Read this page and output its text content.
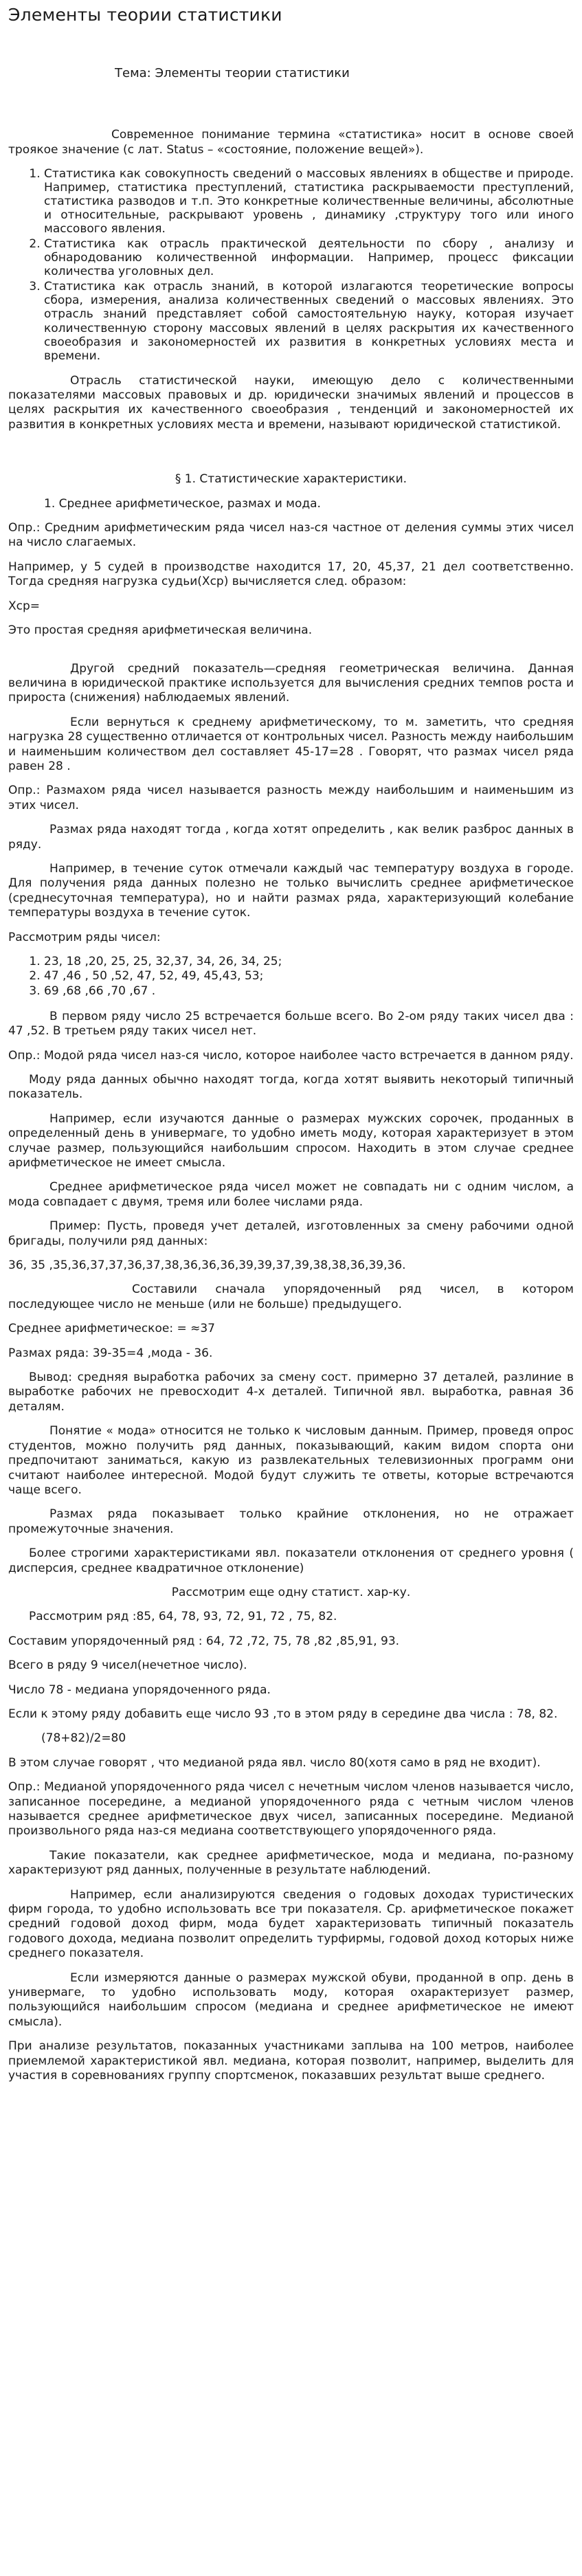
Элементы теории статистики
Тема: Элементы теории статистики

Современное понимание термина «статистика» носит в основе своей трoякое значение (с лат. Status – «состояние, положение вещей»).

1. Статистика как совокупность сведений о массовых явлениях в обществе и природе. Например, статистика преступлений, статистика раскрываемости преступлений, статистика разводов и т.п. Это конкретные количественные величины, абсолютные и относительные, раскрывают уровень , динамику ,структуру того или иного массового явления.
2. Статистика как отрасль практической деятельности по сбору , анализу и обнародованию количественной информации. Например, процесс фиксации количества уголовных дел.
3. Статистика как отрасль знаний, в которой излагаются теоретические вопросы сбора, измерения, анализа количественных сведений о массовых явлениях. Это отрасль знаний представляет собой самостоятельную науку, которая изучает количественную сторону массовых явлений в целях раскрытия их качественного своеобразия и закономерностей их развития в конкретных условиях места и времени.

Отрасль статистической науки, имеющую дело с количественными показателями массовых правовых и др. юридически значимых явлений и процессов в целях раскрытия их качественного своеобразия , тенденций и закономерностей их развития в конкретных условиях места и времени, называют юридической статистикой.

§ 1. Статистические характеристики.

1. Среднее арифметическое, размах и мода.

Опр.: Средним арифметическим ряда чисел наз-ся частное от деления суммы этих чисел на число слагаемых.

Например, у 5 судей в производстве находится 17, 20, 45,37, 21 дел соответственно. Тогда средняя нагрузка судьи(Хср) вычисляется след. образом:

Хср=

Это простая средняя арифметическая величина.

Другой средний показатель—средняя геометрическая величина. Данная величина в юридической практике используется для вычисления средних темпов роста и прироста (снижения) наблюдаемых явлений.

Если вернуться к среднему арифметическому, то м. заметить, что средняя нагрузка 28 существенно отличается от контрольных чисел. Разность между наибольшим и наименьшим количеством дел составляет 45-17=28 . Говорят, что размах чисел ряда равен 28 .

Опр.: Размахом ряда чисел называется разность между наибольшим и наименьшим из этих чисел.

Размах ряда находят тогда , когда хотят определить , как велик разброс данных в ряду.

Например, в течение суток отмечали каждый час температуру воздуха в городе. Для получения ряда данных полезно не только вычислить среднее арифметическое (среднесуточная температура), но и найти размах ряда, характеризующий колебание температуры воздуха в течение суток.

Рассмотрим ряды чисел:

1. 23, 18 ,20, 25, 25, 32,37, 34, 26, 34, 25;
2. 47 ,46 , 50 ,52, 47, 52, 49, 45,43, 53;
3. 69 ,68 ,66 ,70 ,67 .

В первом ряду число 25 встречается больше всего. Во 2-ом ряду таких чисел два : 47 ,52. В третьем ряду таких чисел нет.

Опр.: Модой ряда чисел наз-ся число, которое наиболее часто встречается в данном ряду.

Моду ряда данных обычно находят тогда, когда хотят выявить некоторый типичный показатель.

Например, если изучаются данные о размерах мужских сорочек, проданных в определенный день в универмаге, то удобно иметь моду, которая характеризует в этом случае размер, пользующийся наибольшим спросом. Находить в этом случае среднее арифметическое не имеет смысла.

Среднее арифметическое ряда чисел может не совпадать ни с одним числом, а мода совпадает с двумя, тремя или более числами ряда.

Пример: Пусть, проведя учет деталей, изготовленных за смену рабочими одной бригады, получили ряд данных:

36, 35 ,35,36,37,37,36,37,38,36,36,36,39,39,37,39,38,38,36,39,36.

Составили сначала упорядоченный ряд чисел, в котором последующее число не меньше (или не больше) предыдущего.

Среднее арифметическое: = ≈37

Размах ряда: 39-35=4 ,мода - 36.

Вывод: средняя выработка рабочих за смену сост. примерно 37 деталей, разлиние в выработке рабочих не превосходит 4-х деталей. Типичной явл. выработка, равная 36 деталям.

Понятие « мода» относится не только к числовым данным. Пример, проведя опрос студентов, можно получить ряд данных, показывающий, каким видом спорта они предпочитают заниматься, какую из развлекательных телевизионных программ они считают наиболее интересной. Модой будут служить те ответы, которые встречаются чаще всего.

Размах ряда показывает только крайние отклонения, но не отражает промежуточные значения.

Более строгими характеристиками явл. показатели отклонения от среднего уровня ( дисперсия, среднее квадратичное отклонение)

Рассмотрим еще одну статист. хар-ку.

Рассмотрим ряд :85, 64, 78, 93, 72, 91, 72 , 75, 82.

Составим упорядоченный ряд : 64, 72 ,72, 75, 78 ,82 ,85,91, 93.

Всего в ряду 9 чисел(нечетное число).

Число 78 - медиана упорядоченного ряда.

Если к этому ряду добавить еще число 93 ,то в этом ряду в середине два числа : 78, 82.

(78+82)/2=80

В этом случае говорят , что медианой ряда явл. число 80(хотя само в ряд не входит).

Опр.: Медианой упорядоченного ряда чисел с нечетным числом членов называется число, записанное посередине, а медианой упорядоченного ряда с четным числом членов называется среднее арифметическое двух чисел, записанных посередине. Медианой произвольного ряда наз-ся медиана соответствующего упорядоченного ряда.

Такие показатели, как среднее арифметическое, мода и медиана, по-разному характеризуют ряд данных, полученные в результате наблюдений.

Например, если анализируются сведения о годовых доходах туристических фирм города, то удобно использовать все три показателя. Ср. арифметическое покажет средний годовой доход фирм, мода будет характеризовать типичный показатель годового дохода, медиана позволит определить турфирмы, годовой доход которых ниже среднего показателя.

Если измеряются данные о размерах мужской обуви, проданной в опр. день в универмаге, то удобно использовать моду, которая охарактеризует размер, пользующийся наибольшим спросом (медиана и среднее арифметическое не имеют смысла).

При анализе результатов, показанных участниками заплыва на 100 метров, наиболее приемлемой характеристикой явл. медиана, которая позволит, например, выделить для участия в соревнованиях группу спортсменок, показавших результат выше среднего.
